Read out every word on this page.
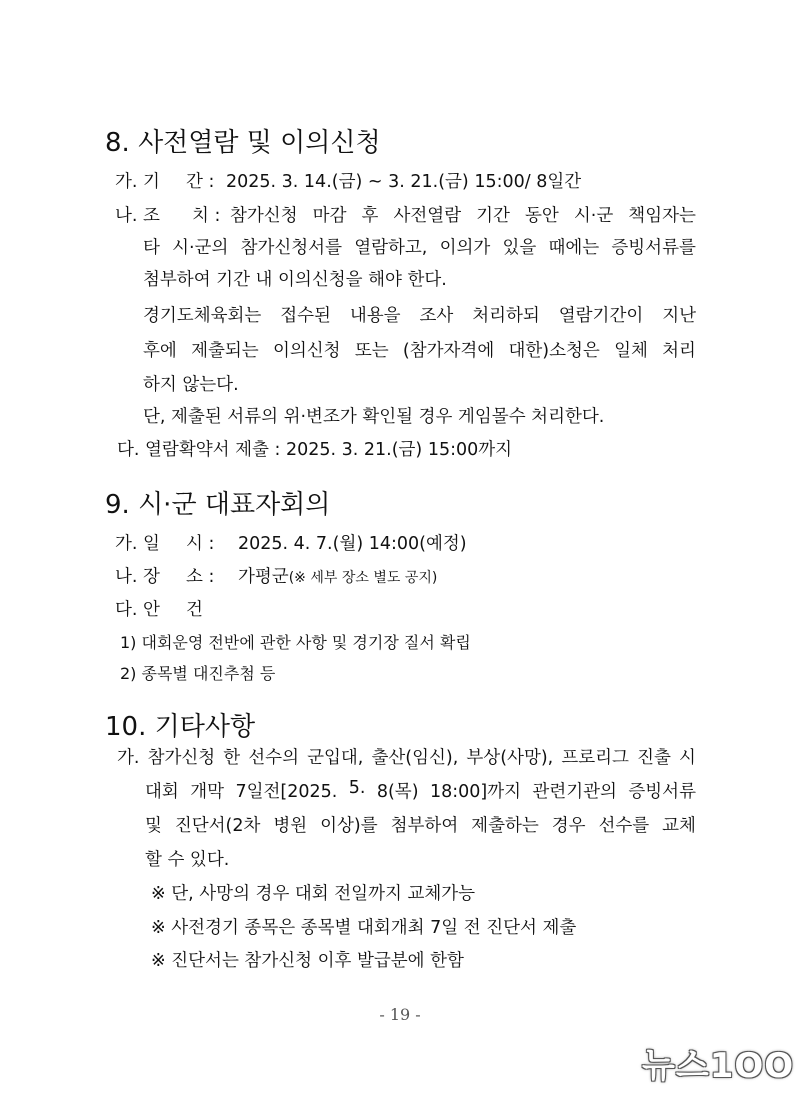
8. 사전열람 및 이의신청
가. 기 간 : 2025. 3. 14.(금) ~ 3. 21.(금) 15:00/ 8일간
나. 조 치 : 참가신청 마감 후 사전열람 기간 동안 시·군 책임자는
타 시·군의 참가신청서를 열람하고, 이의가 있을 때에는 증빙서류를
첨부하여 기간 내 이의신청을 해야 한다.
경기도체육회는 접수된 내용을 조사 처리하되 열람기간이 지난
후에 제출되는 이의신청 또는 (참가자격에 대한)소청은 일체 처리
하지 않는다.
단, 제출된 서류의 위·변조가 확인될 경우 게임몰수 처리한다.
다. 열람확약서 제출 : 2025. 3. 21.(금) 15:00까지
9. 시·군 대표자회의
가. 일 시 : 2025. 4. 7.(월) 14:00(예정)
나. 장 소 : 가평군(※ 세부 장소 별도 공지)
다. 안 건
1) 대회운영 전반에 관한 사항 및 경기장 질서 확립
2) 종목별 대진추첨 등
10. 기타사항
가. 참가신청 한 선수의 군입대, 출산(임신), 부상(사망), 프로리그 진출 시
대회 개막 7일전[2025. 5. 8(목) 18:00]까지 관련기관의 증빙서류
및 진단서(2차 병원 이상)를 첨부하여 제출하는 경우 선수를 교체
할 수 있다.
※ 단, 사망의 경우 대회 전일까지 교체가능
※ 사전경기 종목은 종목별 대회개최 7일 전 진단서 제출
※ 진단서는 참가신청 이후 발급분에 한함
- 19 -
뉴스1OO
